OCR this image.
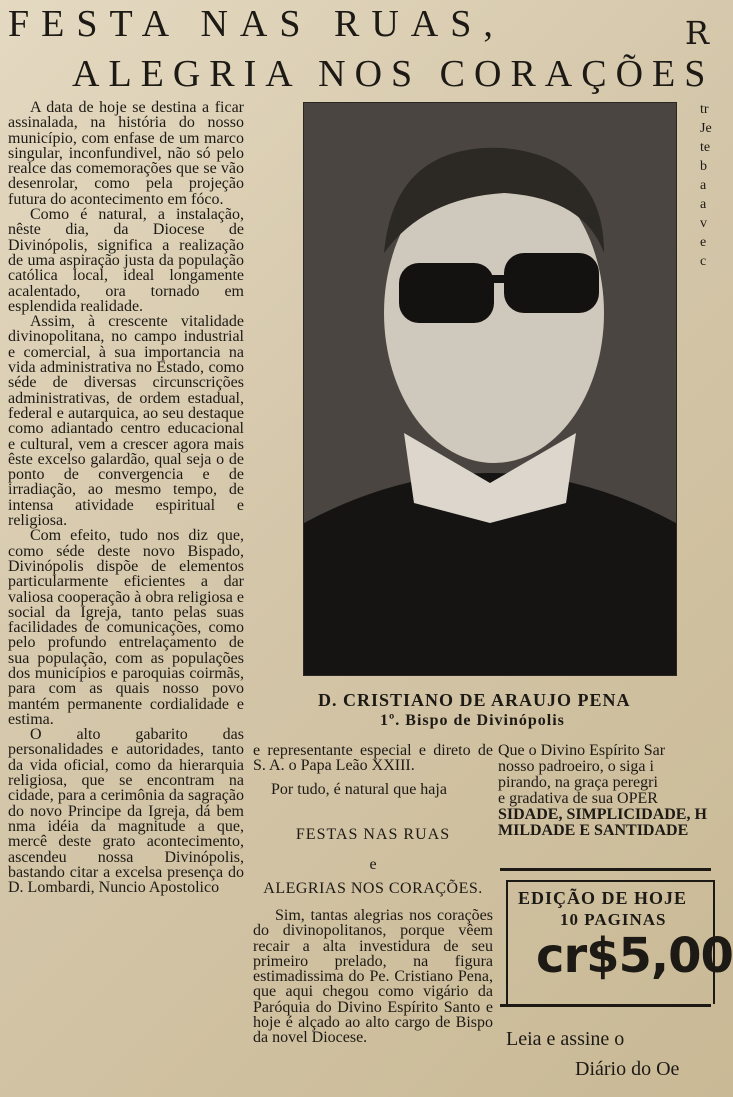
FESTA NAS RUAS,
ALEGRIA NOS CORAÇÕES
R
tr
Je
te
b
a
a
v
e
c

A data de hoje se destina a ficar assinalada, na história do nosso município, com enfase de um marco singular, inconfundivel, não só pelo realce das comemorações que se vão desenrolar, como pela projeção futura do acontecimento em fóco.

Como é natural, a instalação, nêste dia, da Diocese de Divinópolis, significa a realização de uma aspiração justa da população católica local, ideal longamente acalentado, ora tornado em esplendida realidade.

Assim, à crescente vitalidade divinopolitana, no campo industrial e comercial, à sua importancia na vida administrativa no Estado, como séde de diversas circunscrições administrativas, de ordem estadual, federal e autarquica, ao seu destaque como adiantado centro educacional e cultural, vem a crescer agora mais êste excelso galardão, qual seja o de ponto de convergencia e de irradiação, ao mesmo tempo, de intensa atividade espiritual e religiosa.

Com efeito, tudo nos diz que, como séde deste novo Bispado, Divinópolis dispõe de elementos particularmente eficientes a dar valiosa cooperação à obra religiosa e social da Igreja, tanto pelas suas facilidades de comunicações, como pelo profundo entrelaçamento de sua população, com as populações dos municípios e paroquias coirmãs, para com as quais nosso povo mantém permanente cordialidade e estima.

O alto gabarito das personalidades e autoridades, tanto da vida oficial, como da hierarquia religiosa, que se encontram na cidade, para a cerimônia da sagração do novo Principe da Igreja, dá bem nma idéia da magnitude a que, mercê deste grato acontecimento, ascendeu nossa Divinópolis, bastando citar a excelsa presença do D. Lombardi, Nuncio Apostolico

D. CRISTIANO DE ARAUJO PENA
1º. Bispo de Divinópolis

e representante especial e direto de S. A. o Papa Leão XXIII.

Por tudo, é natural que haja

FESTAS NAS RUAS
e
ALEGRIAS NOS CORAÇÕES.

Sim, tantas alegrias nos corações do divinopolitanos, porque vêem recair a alta investidura de seu primeiro prelado, na figura estimadissima do Pe. Cristiano Pena, que aqui chegou como vigário da Paróquia do Divino Espírito Santo e hoje é alçado ao alto cargo de Bispo da novel Diocese.

Que o Divino Espírito Sar
nosso padroeiro, o siga i
pirando, na graça peregri
e gradativa de sua OPER
SIDADE, SIMPLICIDADE, H
MILDADE E SANTIDADE
EDIÇÃO DE HOJE
10 PAGINAS
cr$5,00
Leia e assine o
Diário do Oe
